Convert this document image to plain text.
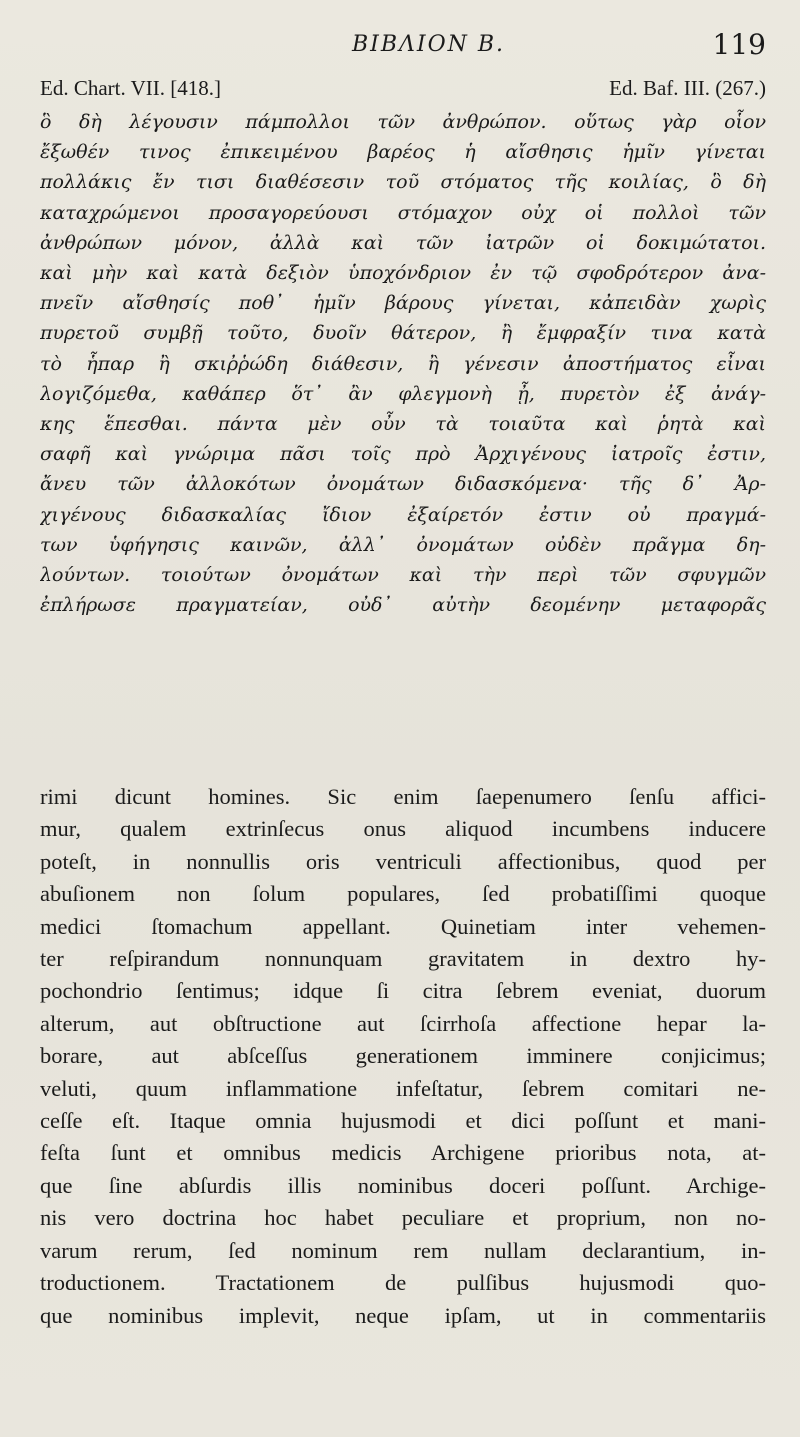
ΒΙΒΛΙΟΝ Β.	119
Ed. Chart. VII. [418.]	Ed. Baf. III. (267.)
ὃ δὴ λέγουσιν πάμπολλοι τῶν ἀνθρώπον. οὕτως γὰρ οἷον
ἔξωθέν τινος ἐπικειμένου βαρέος ἡ αἴσθησις ἡμῖν γίνεται
πολλάκις ἔν τισι διαθέσεσιν τοῦ στόματος τῆς κοιλίας, ὃ δὴ
καταχρώμενοι προσαγορεύουσι στόμαχον οὐχ οἱ πολλοὶ τῶν
ἀνθρώπων μόνον, ἀλλὰ καὶ τῶν ἰατρῶν οἱ δοκιμώτατοι.
καὶ μὴν καὶ κατὰ δεξιὸν ὑποχόνδριον ἐν τῷ σφοδρότερον ἀνα-
πνεῖν αἴσθησίς ποθ᾽ ἡμῖν βάρους γίνεται, κἀπειδὰν χωρὶς
πυρετοῦ συμβῇ τοῦτο, δυοῖν θάτερον, ἢ ἔμφραξίν τινα κατὰ
τὸ ἧπαρ ἢ σκιῤῥώδη διάθεσιν, ἢ γένεσιν ἀποστήματος εἶναι
λογιζόμεθα, καθάπερ ὅτ᾽ ἂν φλεγμονὴ ᾖ, πυρετὸν ἐξ ἀνάγ-
κης ἕπεσθαι. πάντα μὲν οὖν τὰ τοιαῦτα καὶ ῥητὰ καὶ
σαφῆ καὶ γνώριμα πᾶσι τοῖς πρὸ Ἀρχιγένους ἰατροῖς ἐστιν,
ἄνευ τῶν ἀλλοκότων ὀνομάτων διδασκόμενα· τῆς δ᾽ Ἀρ-
χιγένους διδασκαλίας ἴδιον ἐξαίρετόν ἐστιν οὐ πραγμά-
των ὑφήγησις καινῶν, ἀλλ᾽ ὀνομάτων οὐδὲν πρᾶγμα δη-
λούντων. τοιούτων ὀνομάτων καὶ τὴν περὶ τῶν σφυγμῶν
ἐπλήρωσε πραγματείαν, οὐδ᾽ αὐτὴν δεομένην μεταφορᾶς
rimi dicunt homines. Sic enim ſaepenumero ſenſu affici-
mur, qualem extrinſecus onus aliquod incumbens inducere
poteſt, in nonnullis oris ventriculi affectionibus, quod per
abuſionem non ſolum populares, ſed probatiſſimi quoque
medici ſtomachum appellant. Quinetiam inter vehemen-
ter reſpirandum nonnunquam gravitatem in dextro hy-
pochondrio ſentimus; idque ſi citra ſebrem eveniat, duorum
alterum, aut obſtructione aut ſcirrhoſa affectione hepar la-
borare, aut abſceſſus generationem imminere conjicimus;
veluti, quum inflammatione infeſtatur, ſebrem comitari ne-
ceſſe eſt. Itaque omnia hujusmodi et dici poſſunt et mani-
feſta ſunt et omnibus medicis Archigene prioribus nota, at-
que ſine abſurdis illis nominibus doceri poſſunt. Archige-
nis vero doctrina hoc habet peculiare et proprium, non no-
varum rerum, ſed nominum rem nullam declarantium, in-
troductionem. Tractationem de pulſibus hujusmodi quo-
que nominibus implevit, neque ipſam, ut in commentariis
